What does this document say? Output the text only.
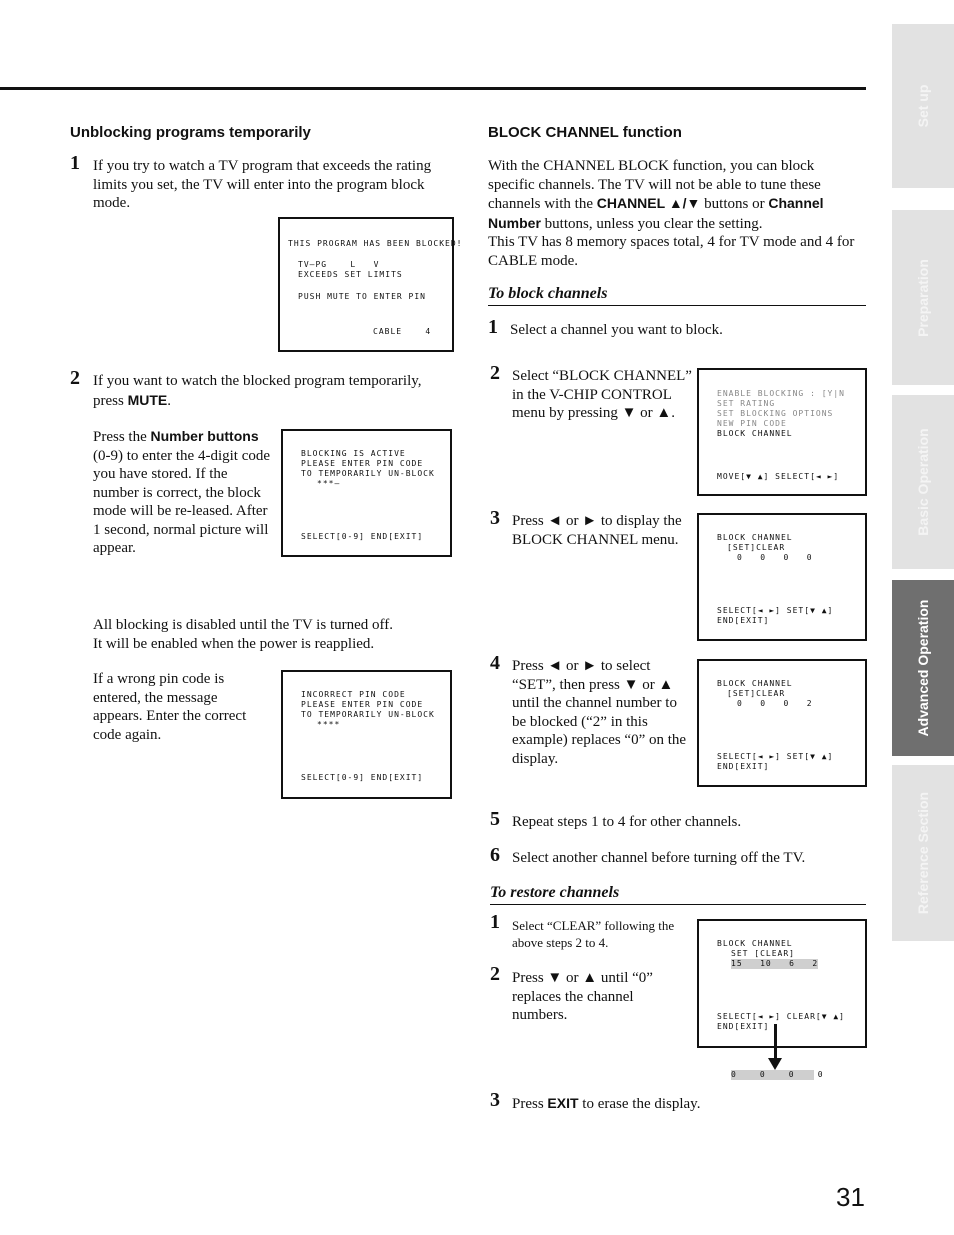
Set up
Preparation
Basic Operation
Advanced Operation
Reference Section
Unblocking programs temporarily
1 If you try to watch a TV program that exceeds the rating limits you set, the TV will enter into the program block mode.

THIS PROGRAM HAS BEEN BLOCKED!

TV–PG    L   V

EXCEEDS SET LIMITS

PUSH MUTE TO ENTER PIN

CABLE    4

2 If you want to watch the blocked program temporarily, press MUTE.
Press the Number buttons (0-9) to enter the 4-digit code you have stored. If the number is correct, the block mode will be re-leased. After 1 second, normal picture will appear.

BLOCKING IS ACTIVE

PLEASE ENTER PIN CODE

TO TEMPORARILY UN-BLOCK

***–

SELECT[0-9] END[EXIT]

All blocking is disabled until the TV is turned off.
It will be enabled when the power is reapplied.
If a wrong pin code is entered, the message appears. Enter the correct code again.

INCORRECT PIN CODE

PLEASE ENTER PIN CODE

TO TEMPORARILY UN-BLOCK

****

SELECT[0-9] END[EXIT]

BLOCK CHANNEL function
With the CHANNEL BLOCK function, you can block specific channels. The TV will not be able to tune these channels with the CHANNEL ▲/▼ buttons or Channel Number buttons, unless you clear the setting.
This TV has 8 memory spaces total, 4 for TV mode and 4 for CABLE mode.
To block channels
1 Select a channel you want to block.
2 Select “BLOCK CHANNEL” in the V-CHIP CONTROL menu by pressing ▼ or ▲.

ENABLE BLOCKING : [Y|N

SET RATING

SET BLOCKING OPTIONS

NEW PIN CODE

BLOCK CHANNEL

MOVE[▼ ▲] SELECT[◄ ►]

3 Press ◄ or ► to display the BLOCK CHANNEL menu.

	BLOCK CHANNEL

[SET]CLEAR

0   0   0   0

SELECT[◄ ►] SET[▼ ▲]

END[EXIT]

4 Press ◄ or ► to select “SET”, then press ▼ or ▲ until the channel number to be blocked (“2” in this example) replaces “0” on the display.

BLOCK CHANNEL

[SET]CLEAR

0   0   0   2

SELECT[◄ ►] SET[▼ ▲]

END[EXIT]

5 Repeat steps 1 to 4 for other channels.
6 Select another channel before turning off the TV.
To restore channels
1 Select “CLEAR” following the above steps 2 to 4.
2 Press ▼ or ▲ until “0” replaces the channel numbers.

BLOCK CHANNEL

SET [CLEAR]

15   10   6   2

SELECT[◄ ►] CLEAR[▼ ▲]

END[EXIT]

0     0     0     0
3 Press EXIT to erase the display.
31
